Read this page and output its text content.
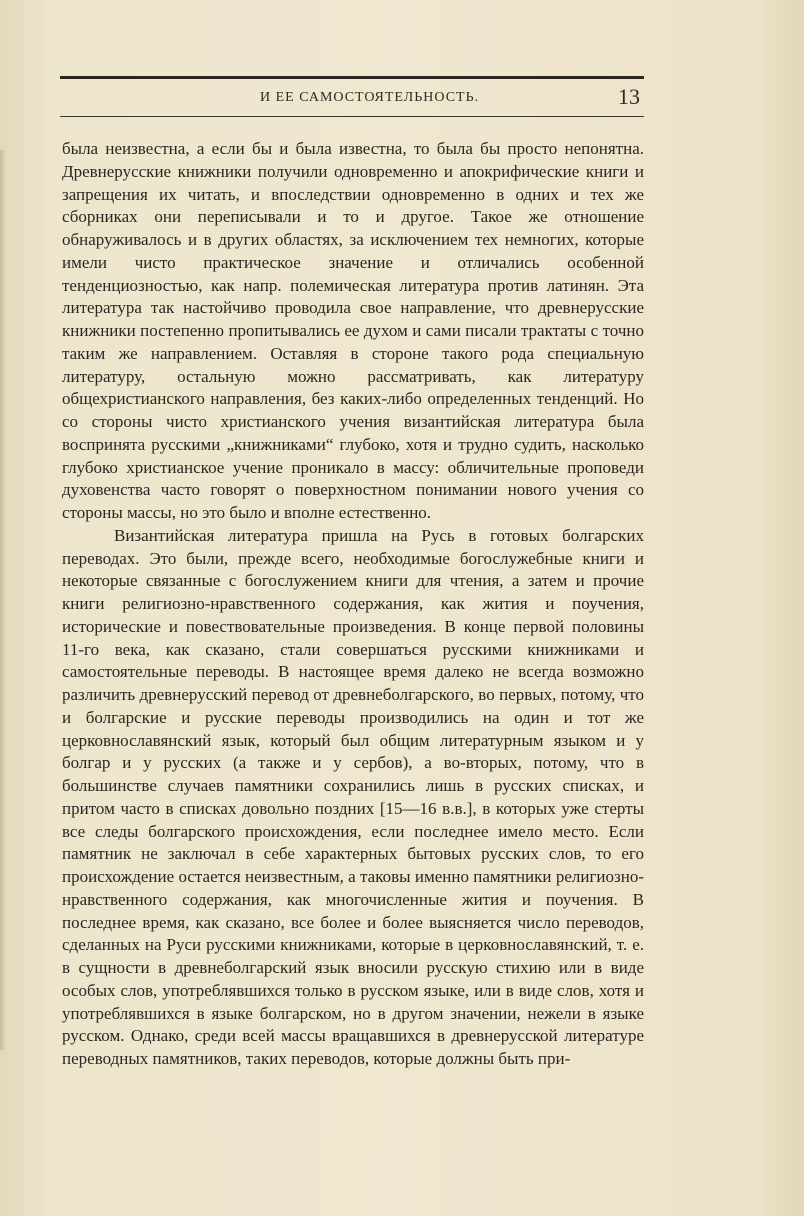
И ЕЕ САМОСТОЯТЕЛЬНОСТЬ.	13

была неизвестна, а если бы и была известна, то была бы просто непонятна. Древнерусские книжники получили одновременно и апокрифические книги и запрещения их читать, и впоследствии одновременно в одних и тех же сборниках они переписывали и то и другое. Такое же отношение обнаруживалось и в других областях, за исключением тех немногих, которые имели чисто практическое значение и отличались особенной тенденциозностью, как напр. полемическая литература против латинян. Эта литература так настойчиво проводила свое направление, что древнерусские книжники постепенно пропитывались ее духом и сами писали трактаты с точно таким же направлением. Оставляя в стороне такого рода специальную литературу, остальную можно рассматривать, как литературу общехристианского направления, без каких-либо определенных тенденций. Но со стороны чисто христианского учения византийская литература была воспринята русскими „книжниками“ глубоко, хотя и трудно судить, насколько глубоко христианское учение проникало в массу: обличительные проповеди духовенства часто говорят о поверхностном понимании нового учения со стороны массы, но это было и вполне естественно.

Византийская литература пришла на Русь в готовых болгарских переводах. Это были, прежде всего, необходимые богослужебные книги и некоторые связанные с богослужением книги для чтения, а затем и прочие книги религиозно-нравственного содержания, как жития и поучения, исторические и повествовательные произведения. В конце первой половины 11-го века, как сказано, стали совершаться русскими книжниками и самостоятельные переводы. В настоящее время далеко не всегда возможно различить древнерусский перевод от древнеболгарского, во первых, потому, что и болгарские и русские переводы производились на один и тот же церковнославянский язык, который был общим литературным языком и у болгар и у русских (а также и у сербов), а во-вторых, потому, что в большинстве случаев памятники сохранились лишь в русских списках, и притом часто в списках довольно поздних [15—16 в.в.], в которых уже стерты все следы болгарского происхождения, если последнее имело место. Если памятник не заключал в себе характерных бытовых русских слов, то его происхождение остается неизвестным, а таковы именно памятники религиозно-нравственного содержания, как многочисленные жития и поучения. В последнее время, как сказано, все более и более выясняется число переводов, сделанных на Руси русскими книжниками, которые в церковнославянский, т. е. в сущности в древнеболгарский язык вносили русскую стихию или в виде особых слов, употреблявшихся только в русском языке, или в виде слов, хотя и употреблявшихся в языке болгарском, но в другом значении, нежели в языке русском. Однако, среди всей массы вращавшихся в древнерусской литературе переводных памятников, таких переводов, которые должны быть при-
